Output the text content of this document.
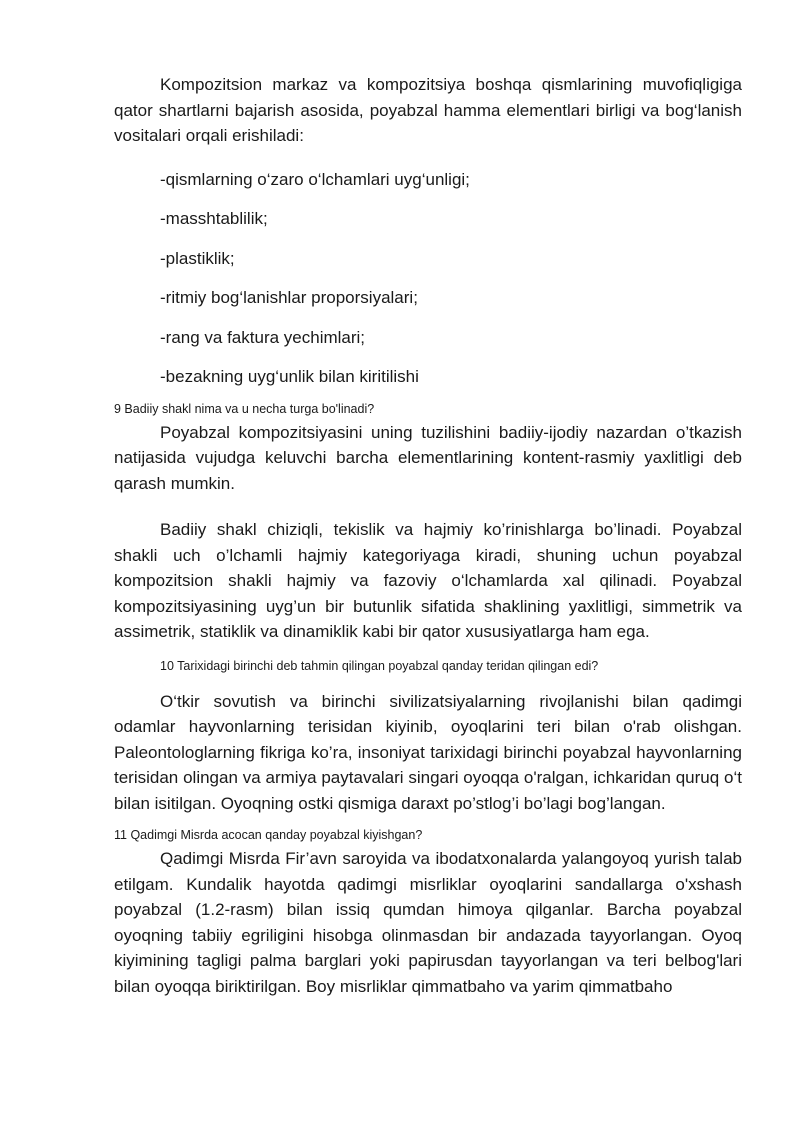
Kompozitsion markaz va kompozitsiya boshqa qismlarining muvofiqligiga qator shartlarni bajarish asosida, poyabzal hamma elementlari birligi va bog‘lanish vositalari orqali erishiladi:

-qismlarning o‘zaro o‘lchamlari uyg‘unligi;

-masshtablilik;

-plastiklik;

-ritmiy bog‘lanishlar proporsiyalari;

-rang va faktura yechimlari;

-bezakning uyg‘unlik bilan kiritilishi

9 Badiiy shakl nima va u necha turga bo'linadi?

Poyabzal kompozitsiyasini uning tuzilishini badiiy-ijodiy nazardan o’tkazish natijasida vujudga keluvchi barcha elementlarining kontent-rasmiy yaxlitligi deb qarash mumkin.

Badiiy shakl chiziqli, tekislik va hajmiy ko’rinishlarga bo’linadi. Poyabzal shakli uch o’lchamli hajmiy kategoriyaga kiradi, shuning uchun poyabzal kompozitsion shakli hajmiy va fazoviy o‘lchamlarda xal qilinadi. Poyabzal kompozitsiyasining uyg’un bir butunlik sifatida shaklining yaxlitligi, simmetrik va assimetrik, statiklik va dinamiklik kabi bir qator xususiyatlarga ham ega.

10 Tarixidagi birinchi deb tahmin qilingan poyabzal qanday teridan qilingan edi?

O‘tkir sovutish va birinchi sivilizatsiyalarning rivojlanishi bilan qadimgi odamlar hayvonlarning terisidan kiyinib, oyoqlarini teri bilan o'rab olishgan. Paleontologlarning fikriga ko’ra, insoniyat tarixidagi birinchi poyabzal hayvonlarning terisidan olingan va armiya paytavalari singari oyoqqa o'ralgan, ichkaridan quruq o‘t bilan isitilgan. Oyoqning ostki qismiga daraxt po’stlog’i bo’lagi bog’langan.

11 Qadimgi Misrda acocan qanday poyabzal kiyishgan?

Qadimgi Misrda Fir’avn saroyida va ibodatxonalarda yalangoyoq yurish talab etilgam. Kundalik hayotda qadimgi misrliklar oyoqlarini sandallarga o'xshash poyabzal (1.2-rasm) bilan issiq qumdan himoya qilganlar. Barcha poyabzal oyoqning tabiiy egriligini hisobga olinmasdan bir andazada tayyorlangan. Oyoq kiyimining tagligi palma barglari yoki papirusdan tayyorlangan va teri belbog'lari bilan oyoqqa biriktirilgan. Boy misrliklar qimmatbaho va yarim qimmatbaho
